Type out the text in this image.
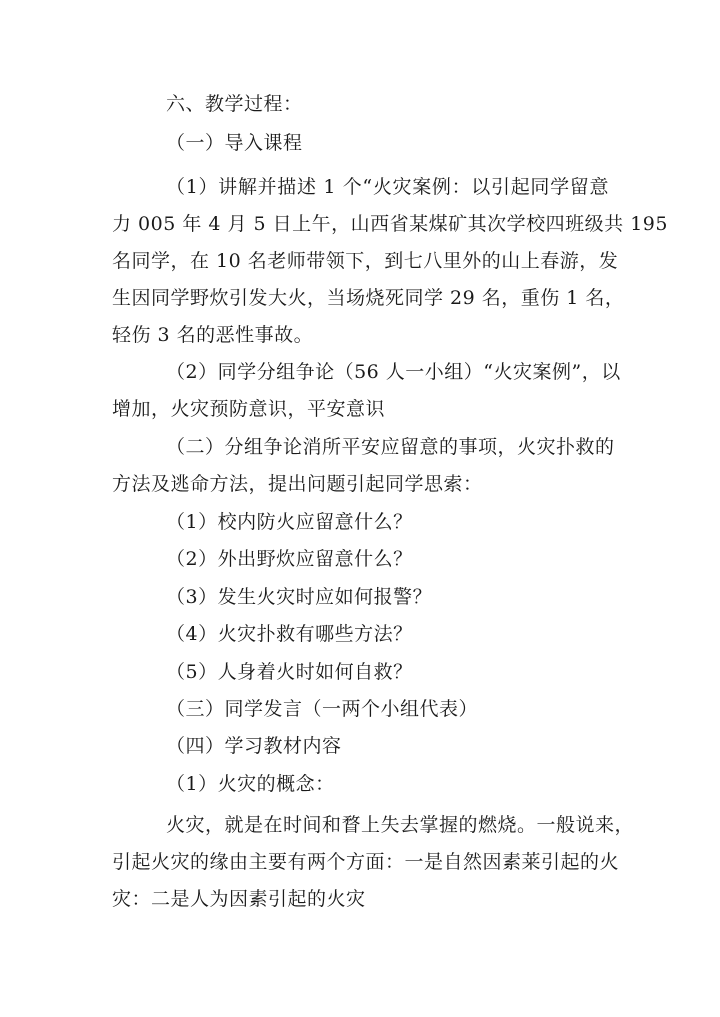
六、教学过程：
（一）导入课程
（1）讲解并描述 1 个“火灾案例：以引起同学留意
力 005 年 4 月 5 日上午，山西省某煤矿其次学校四班级共 195
名同学，在 10 名老师带领下，到七八里外的山上春游，发
生因同学野炊引发大火，当场烧死同学 29 名，重伤 1 名，
轻伤 3 名的恶性事故。
（2）同学分组争论（56 人一小组）“火灾案例”，以
增加，火灾预防意识，平安意识
（二）分组争论消所平安应留意的事项，火灾扑救的
方法及逃命方法，提出问题引起同学思索：
（1）校内防火应留意什么？
（2）外出野炊应留意什么？
（3）发生火灾时应如何报警？
（4）火灾扑救有哪些方法？
（5）人身着火时如何自救？
（三）同学发言（一两个小组代表）
（四）学习教材内容
（1）火灾的概念：
火灾，就是在时间和瞀上失去掌握的燃烧。一般说来，
引起火灾的缘由主要有两个方面：一是自然因素莱引起的火
灾：二是人为因素引起的火灾
